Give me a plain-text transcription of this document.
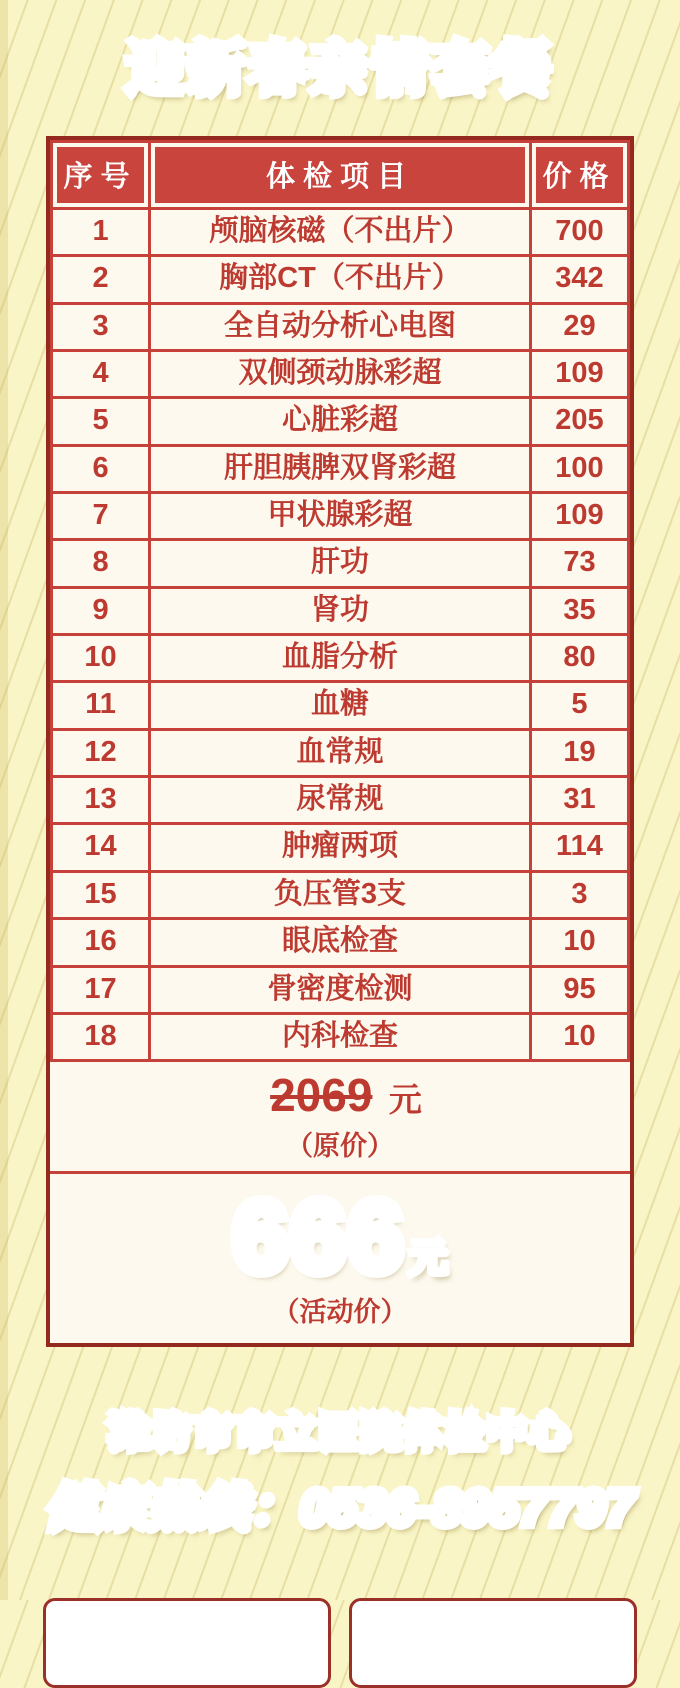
迎新春亲情套餐 迎新春亲情套餐
序号	体检项目	价格

1	颅脑核磁（不出片）	700
2	胸部CT（不出片）	342
3	全自动分析心电图	29
4	双侧颈动脉彩超	109
5	心脏彩超	205
6	肝胆胰脾双肾彩超	100
7	甲状腺彩超	109
8	肝功	73
9	肾功	35
10	血脂分析	80
11	血糖	5
12	血常规	19
13	尿常规	31
14	肿瘤两项	114
15	负压管3支	3
16	眼底检查	10
17	骨密度检测	95
18	内科检查	10
2069 元
（原价）
666 666 元 元
（活动价）
潍坊市市立医院体检中心 潍坊市市立医院体检中心
健康热线：0536-8957797 健康热线：0536-8957797
